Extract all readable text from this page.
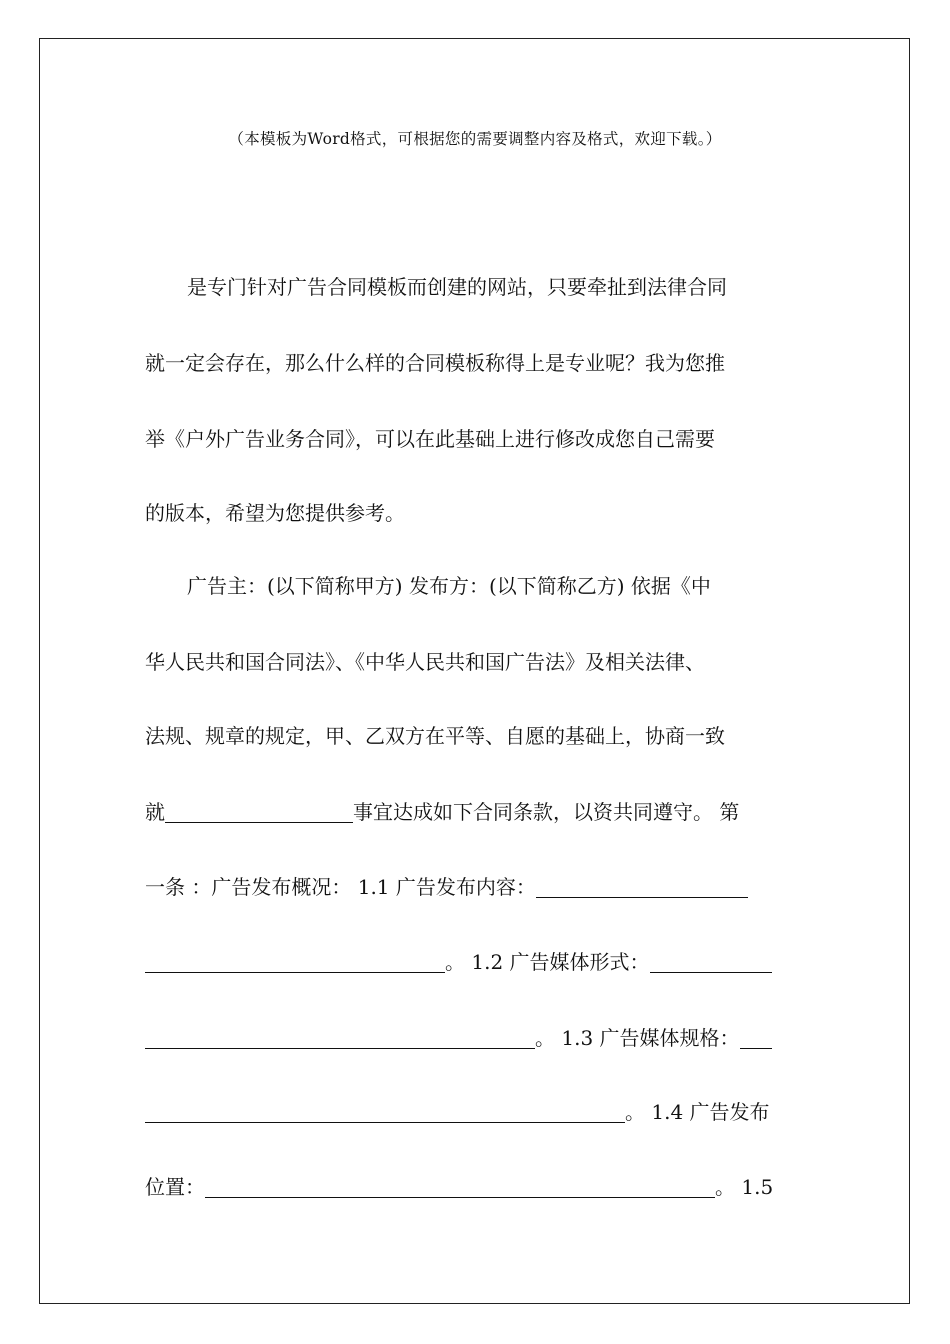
（本模板为Word格式，可根据您的需要调整内容及格式，欢迎下载。）
是专门针对广告合同模板而创建的网站，只要牵扯到法律合同
就一定会存在，那么什么样的合同模板称得上是专业呢？我为您推
举《户外广告业务合同》，可以在此基础上进行修改成您自己需要
的版本，希望为您提供参考。
广告主：(以下简称甲方) 发布方：(以下简称乙方) 依据《中
华人民共和国合同法》、《中华人民共和国广告法》及相关法律、
法规、规章的规定，甲、乙双方在平等、自愿的基础上，协商一致
就	事宜达成如下合同条款，以资共同遵守。 第
一条 ：广告发布概况： 1.1 广告发布内容：
。 1.2 广告媒体形式：
。 1.3 广告媒体规格：
。 1.4 广告发布
位置：	。 1.5
